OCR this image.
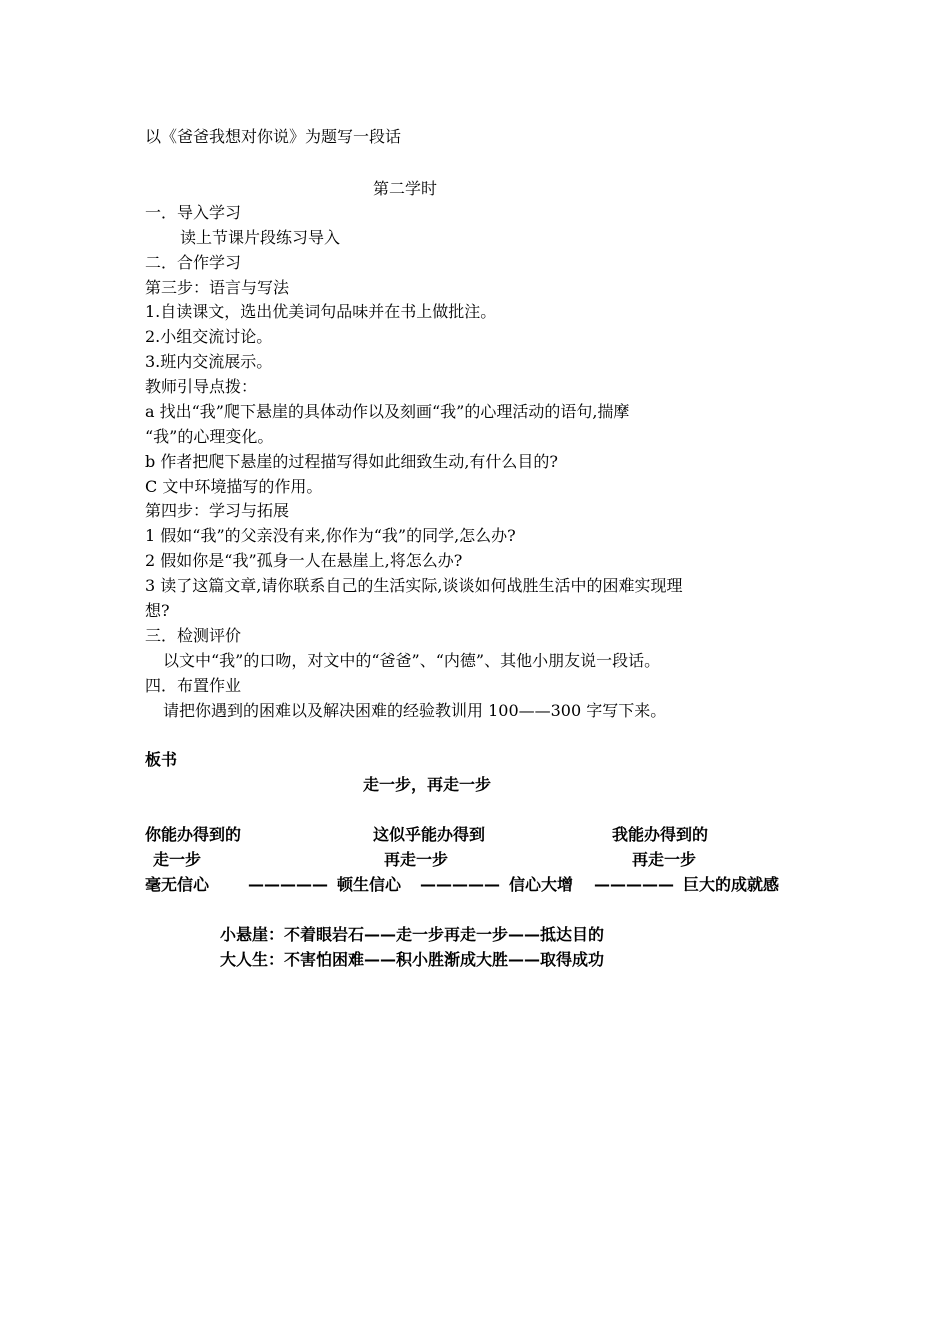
以《爸爸我想对你说》为题写一段话
第二学时
一．导入学习
读上节课片段练习导入
二．合作学习
第三步：语言与写法
1.自读课文，选出优美词句品味并在书上做批注。
2.小组交流讨论。
3.班内交流展示。
教师引导点拨：
a 找出“我”爬下悬崖的具体动作以及刻画“我”的心理活动的语句,揣摩
“我”的心理变化。
b 作者把爬下悬崖的过程描写得如此细致生动,有什么目的?
C 文中环境描写的作用。
第四步：学习与拓展
1 假如“我”的父亲没有来,你作为“我”的同学,怎么办?
2 假如你是“我”孤身一人在悬崖上,将怎么办?
3 读了这篇文章,请你联系自己的生活实际,谈谈如何战胜生活中的困难实现理
想?
三．检测评价
以文中“我”的口吻，对文中的“爸爸”、“内德”、其他小朋友说一段话。
四．布置作业
请把你遇到的困难以及解决困难的经验教训用 100——300 字写下来。
板书
走一步，再走一步
你能办得到的	这似乎能办得到	我能办得到的
走一步	再走一步	再走一步
毫无信心 ————— 顿生信心 ————— 信心大增 ————— 巨大的成就感
小悬崖：不着眼岩石——走一步再走一步——抵达目的
大人生：不害怕困难——积小胜渐成大胜——取得成功
